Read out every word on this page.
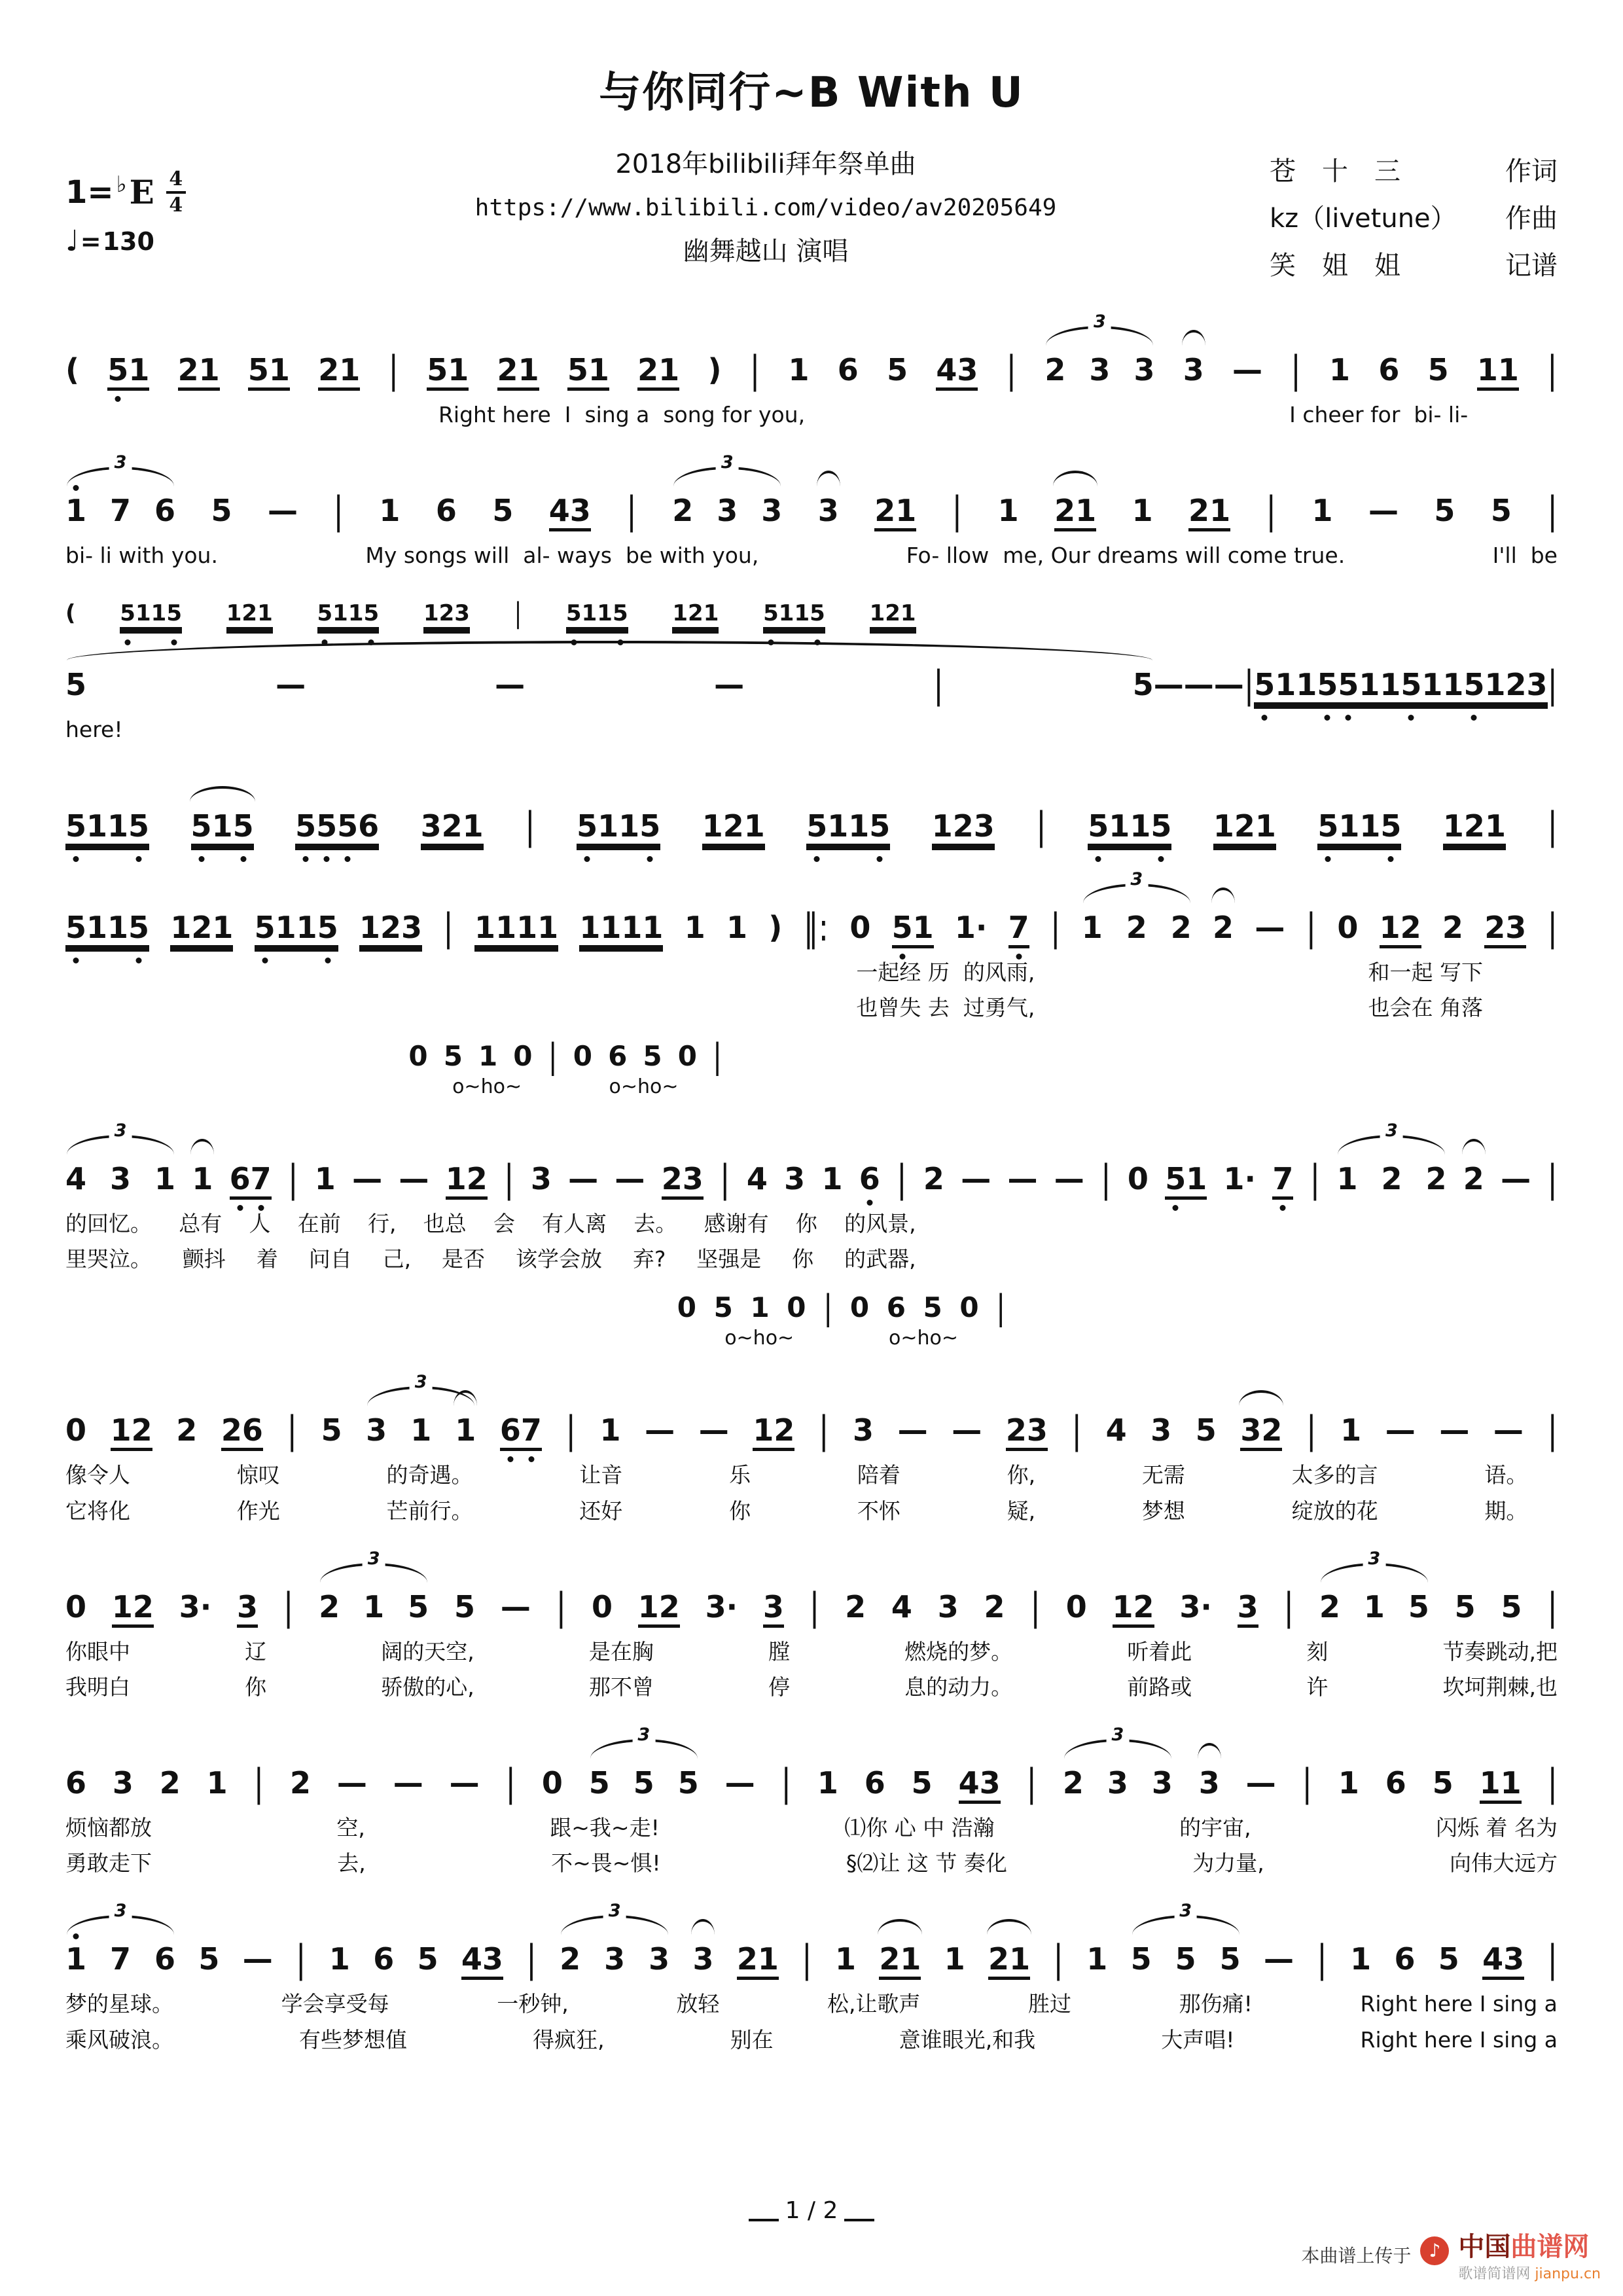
与你同行~B With U
1= ♭ E $\frac{4}{4}$
♩ = 130
2018年bilibili拜年祭单曲
https://www.bilibili.com/video/av20205649
幽舞越山 演唱
苍　十　三	作词
kz（livetune） 作曲
笑　姐　姐	记谱
( 5 1 2 1 5 1 2 1 | 5 1 2 1 5 1 2 1 ) | 1 6 5 4 3 |
3
2 3 3 3 — | 1 6 5 1 1 |
Right here  I  sing a  song for you,	I cheer for  bi- li-
3
1 7 6 5 — | 1 6 5 4 3 |
3
2 3 3 3 2 1 | 1 2 1 1 2 1 | 1 — 5 5 |
bi- li with you.	My songs will  al- ways  be with you,	Fo- llow  me, Our dreams will come true.	I'll  be
( 5 1 1 5 1 2 1 5 1 1 5 1 2 3 | 5 1 1 5 1 2 1 5 1 1 5 1 2 1
5	—	—	—	|	5 — — — | 5 1 1 5 5 1 1 5 1 1 5 1 2 3 |
here!
5 1 1 5 5 1 5 5 5 5 6 3 2 1 | 5 1 1 5 1 2 1 5 1 1 5 1 2 3 | 5 1 1 5 1 2 1 5 1 1 5 1 2 1 |
5 1 1 5 1 2 1 5 1 1 5 1 2 3 | 1 1 1 1 1 1 1 1 1 1 ) ‖: 0 5 1 1 · 7 |
3
1 2 2 2 — | 0 1 2 2 2 3 |
一起经 历  的风雨,	和一起 写下
也曾失 去  过勇气,	也会在 角落
0 5 1 0 | 0 6 5 0 |
o~ho~	o~ho~
3
4 3 1 1 6 7 | 1 — — 1 2 | 3 — — 2 3 | 4 3 1 6 | 2 — — — | 0 5 1 1 · 7 |
3
1 2 2 2 — |
的回忆。 总有 人 在前 行, 也总 会 有人离 去。 感谢有 你 的风景,
里哭泣。 颤抖 着 问自 己, 是否 该学会放 弃? 坚强是 你 的武器,
0 5 1 0 | 0 6 5 0 |
o~ho~	o~ho~
0 1 2 2 2 6 | 5
3
3 1 1 6 7 | 1 — — 1 2 | 3 — — 2 3 | 4 3 5 3 2 | 1 — — — |
像令人	惊叹	的奇遇。	让音	乐	陪着	你,	无需	太多的言	语。
它将化	作光	芒前行。	还好	你	不怀	疑,	梦想	绽放的花	期。
0 1 2 3 · 3 |
3
2 1 5 5 — | 0 1 2 3 · 3 | 2 4 3 2 | 0 1 2 3 · 3 |
3
2 1 5 5 5 |
你眼中	辽	阔的天空,	是在胸	膛	燃烧的梦。	听着此	刻	节奏跳动,把
我明白	你	骄傲的心,	那不曾	停	息的动力。	前路或	许	坎坷荆棘,也
6 3 2 1 | 2 — — — | 0
3
5 5 5 — | 1 6 5 4 3 |
3
2 3 3 3 — | 1 6 5 1 1 |
烦恼都放	空,	跟~我~走!	⑴你 心 中 浩瀚	的宇宙,	闪烁 着 名为
勇敢走下	去,	不~畏~惧!	§⑵让 这 节 奏化	为力量,	向伟大远方
3
1 7 6 5 — | 1 6 5 4 3 |
3
2 3 3 3 2 1 | 1 2 1 1 2 1 | 1
3
5 5 5 — | 1 6 5 4 3 |
梦的星球。	学会享受每	一秒钟,	放轻	松,让歌声	胜过	那伤痛!	Right here I sing a
乘风破浪。	有些梦想值	得疯狂,	别在	意谁眼光,和我	大声唱!	Right here I sing a
1 / 2
本曲谱上传于 ♪ 中国曲谱网
歌谱简谱网 jianpu.cn
